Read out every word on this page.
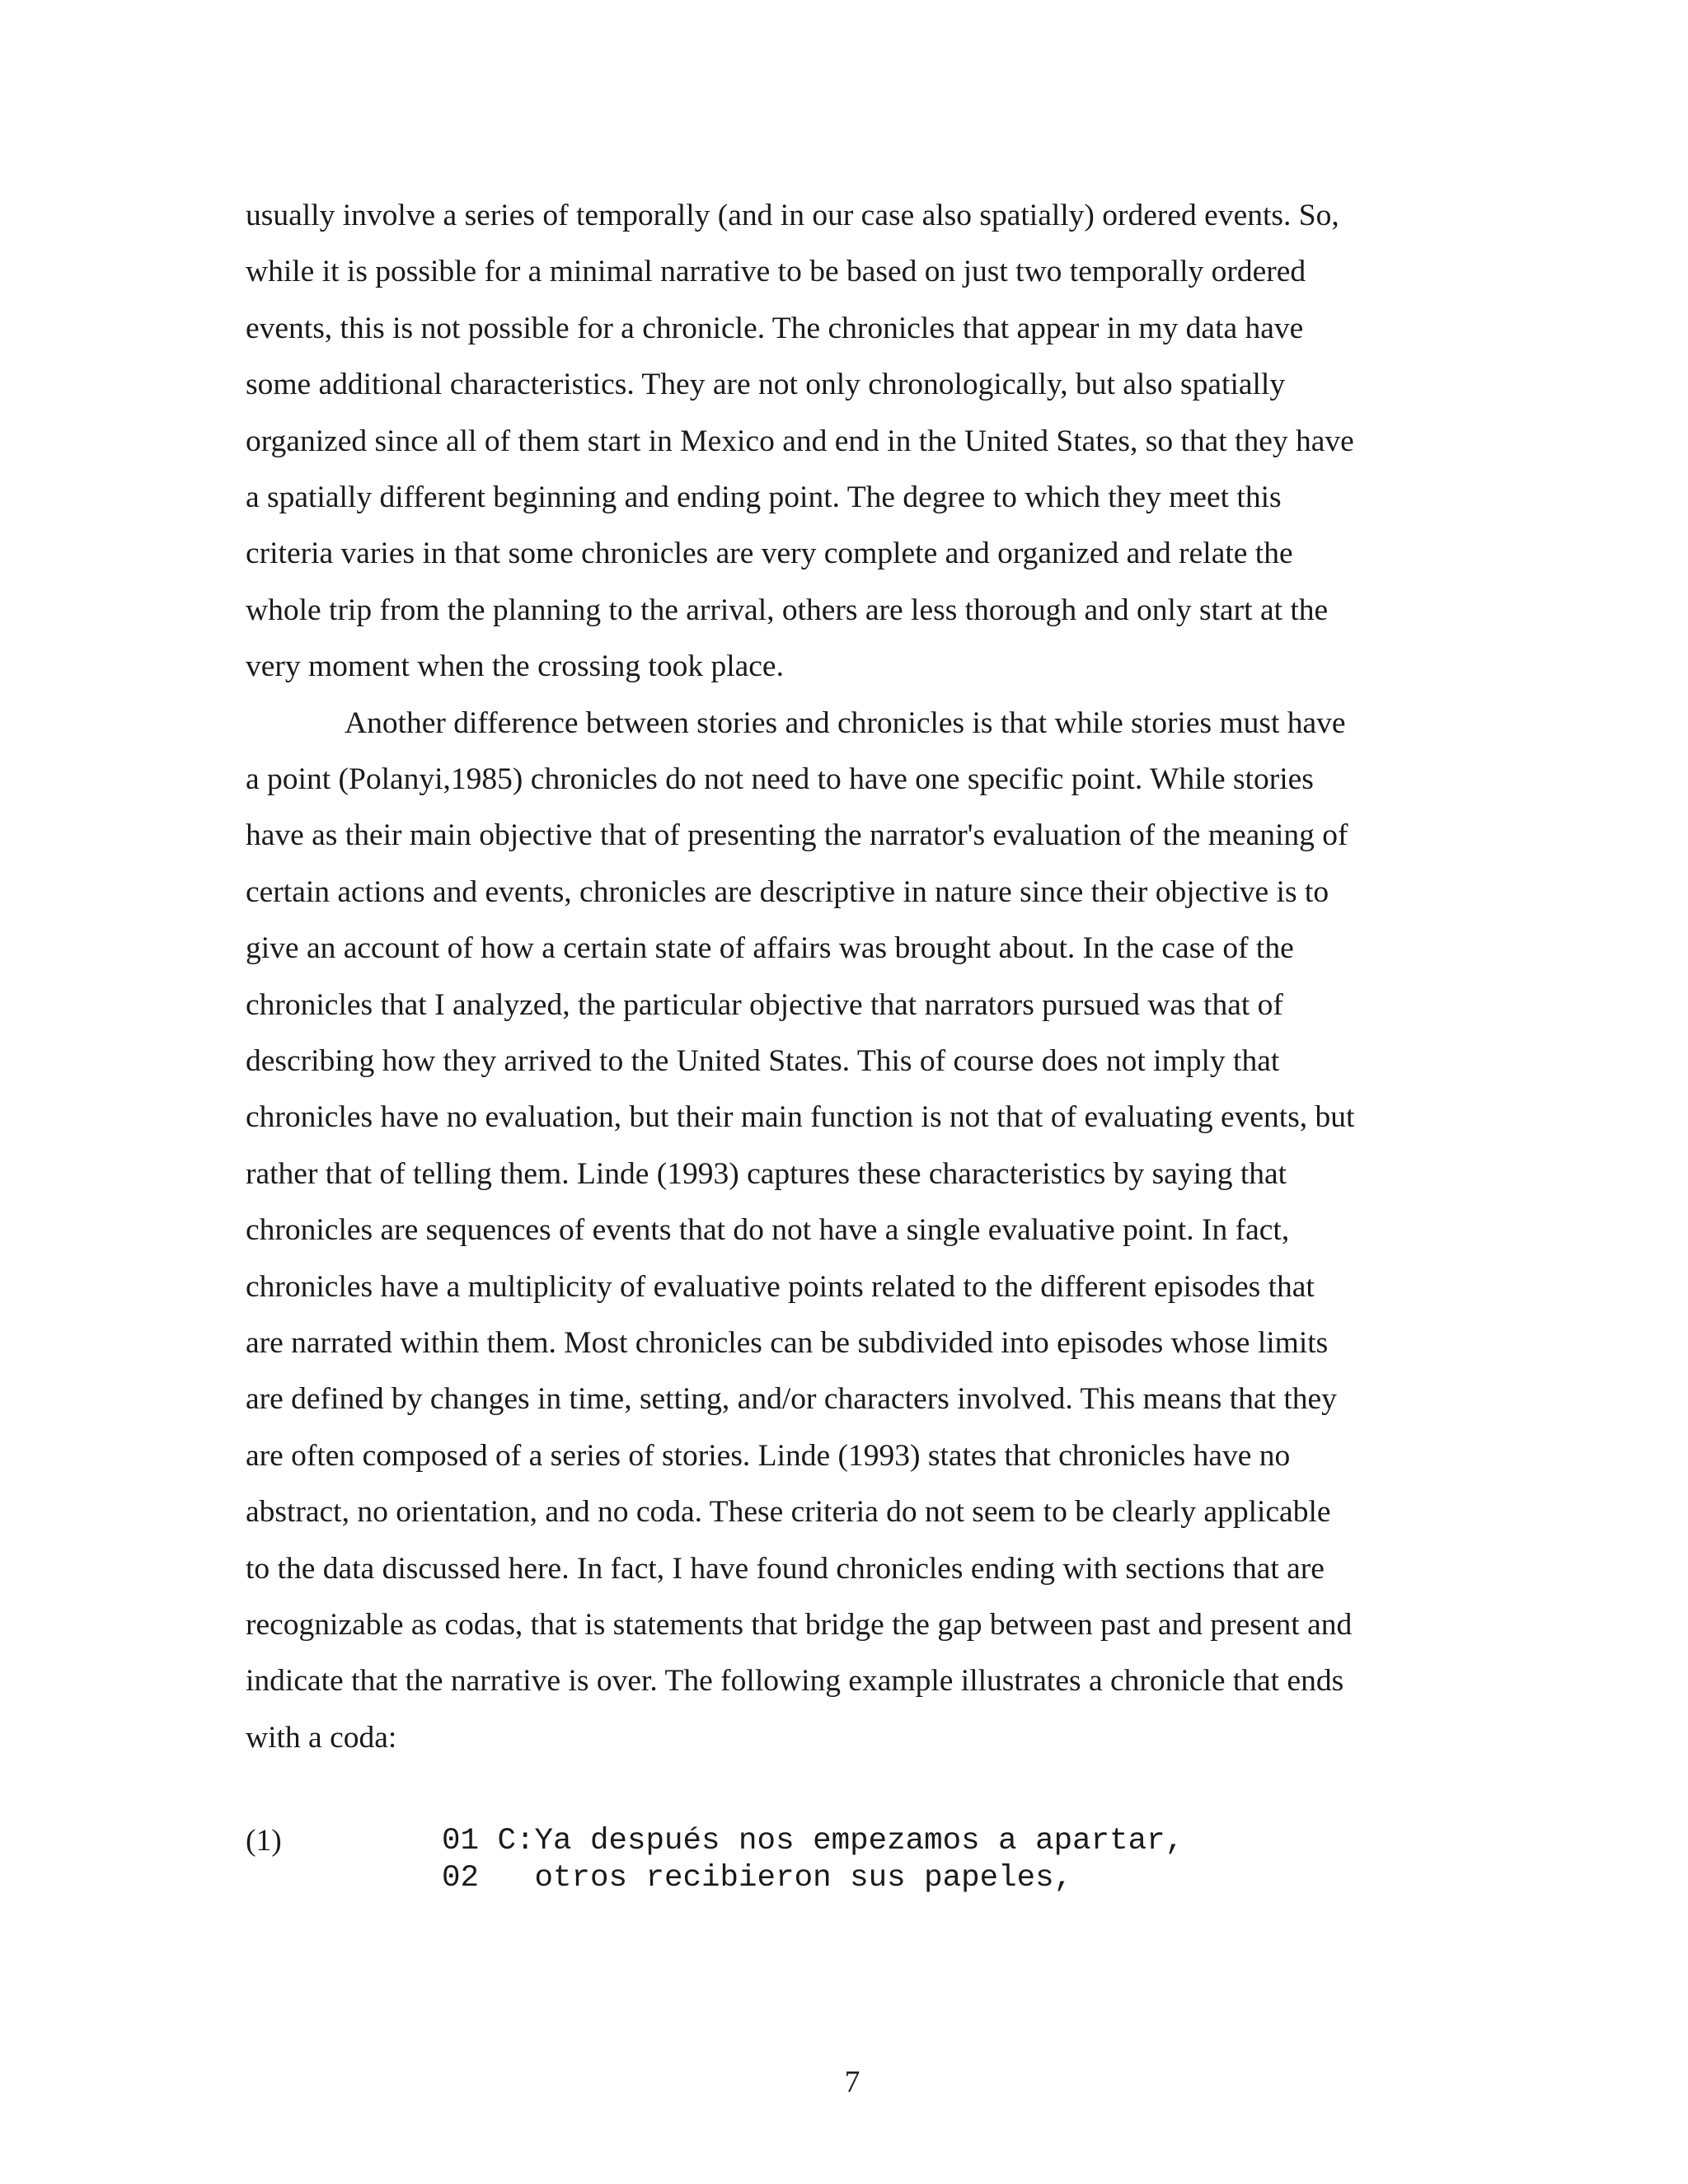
usually involve a series of temporally (and in our case also spatially) ordered events. So,
while it is possible for a minimal narrative to be based on just two temporally ordered
events, this is not possible for a chronicle. The chronicles that appear in my data have
some additional characteristics. They are not only chronologically, but also spatially
organized since all of them start in Mexico and end in the United States, so that they have
a spatially different beginning and ending point. The degree to which they meet this
criteria varies in that some chronicles are very complete and organized and relate the
whole trip from the planning to the arrival, others are less thorough and only start at the
very moment when the crossing took place.
Another difference between stories and chronicles is that while stories must have
a point (Polanyi,1985) chronicles do not need to have one specific point. While stories
have as their main objective that of presenting the narrator's evaluation of the meaning of
certain actions and events, chronicles are descriptive in nature since their objective is to
give an account of how a certain state of affairs was brought about. In the case of the
chronicles that I analyzed, the particular objective that narrators pursued was that of
describing how they arrived to the United States. This of course does not imply that
chronicles have no evaluation, but their main function is not that of evaluating events, but
rather that of telling them. Linde (1993) captures these characteristics by saying that
chronicles are sequences of events that do not have a single evaluative point. In fact,
chronicles have a multiplicity of evaluative points related to the different episodes that
are narrated within them. Most chronicles can be subdivided into episodes whose limits
are defined by changes in time, setting, and/or characters involved. This means that they
are often composed of a series of stories. Linde (1993) states that chronicles have no
abstract, no orientation, and no coda. These criteria do not seem to be clearly applicable
to the data discussed here. In fact, I have found chronicles ending with sections that are
recognizable as codas, that is statements that bridge the gap between past and present and
indicate that the narrative is over. The following example illustrates a chronicle that ends
with a coda:
(1)	01 C:Ya después nos empezamos a apartar,
02   otros recibieron sus papeles,
7
